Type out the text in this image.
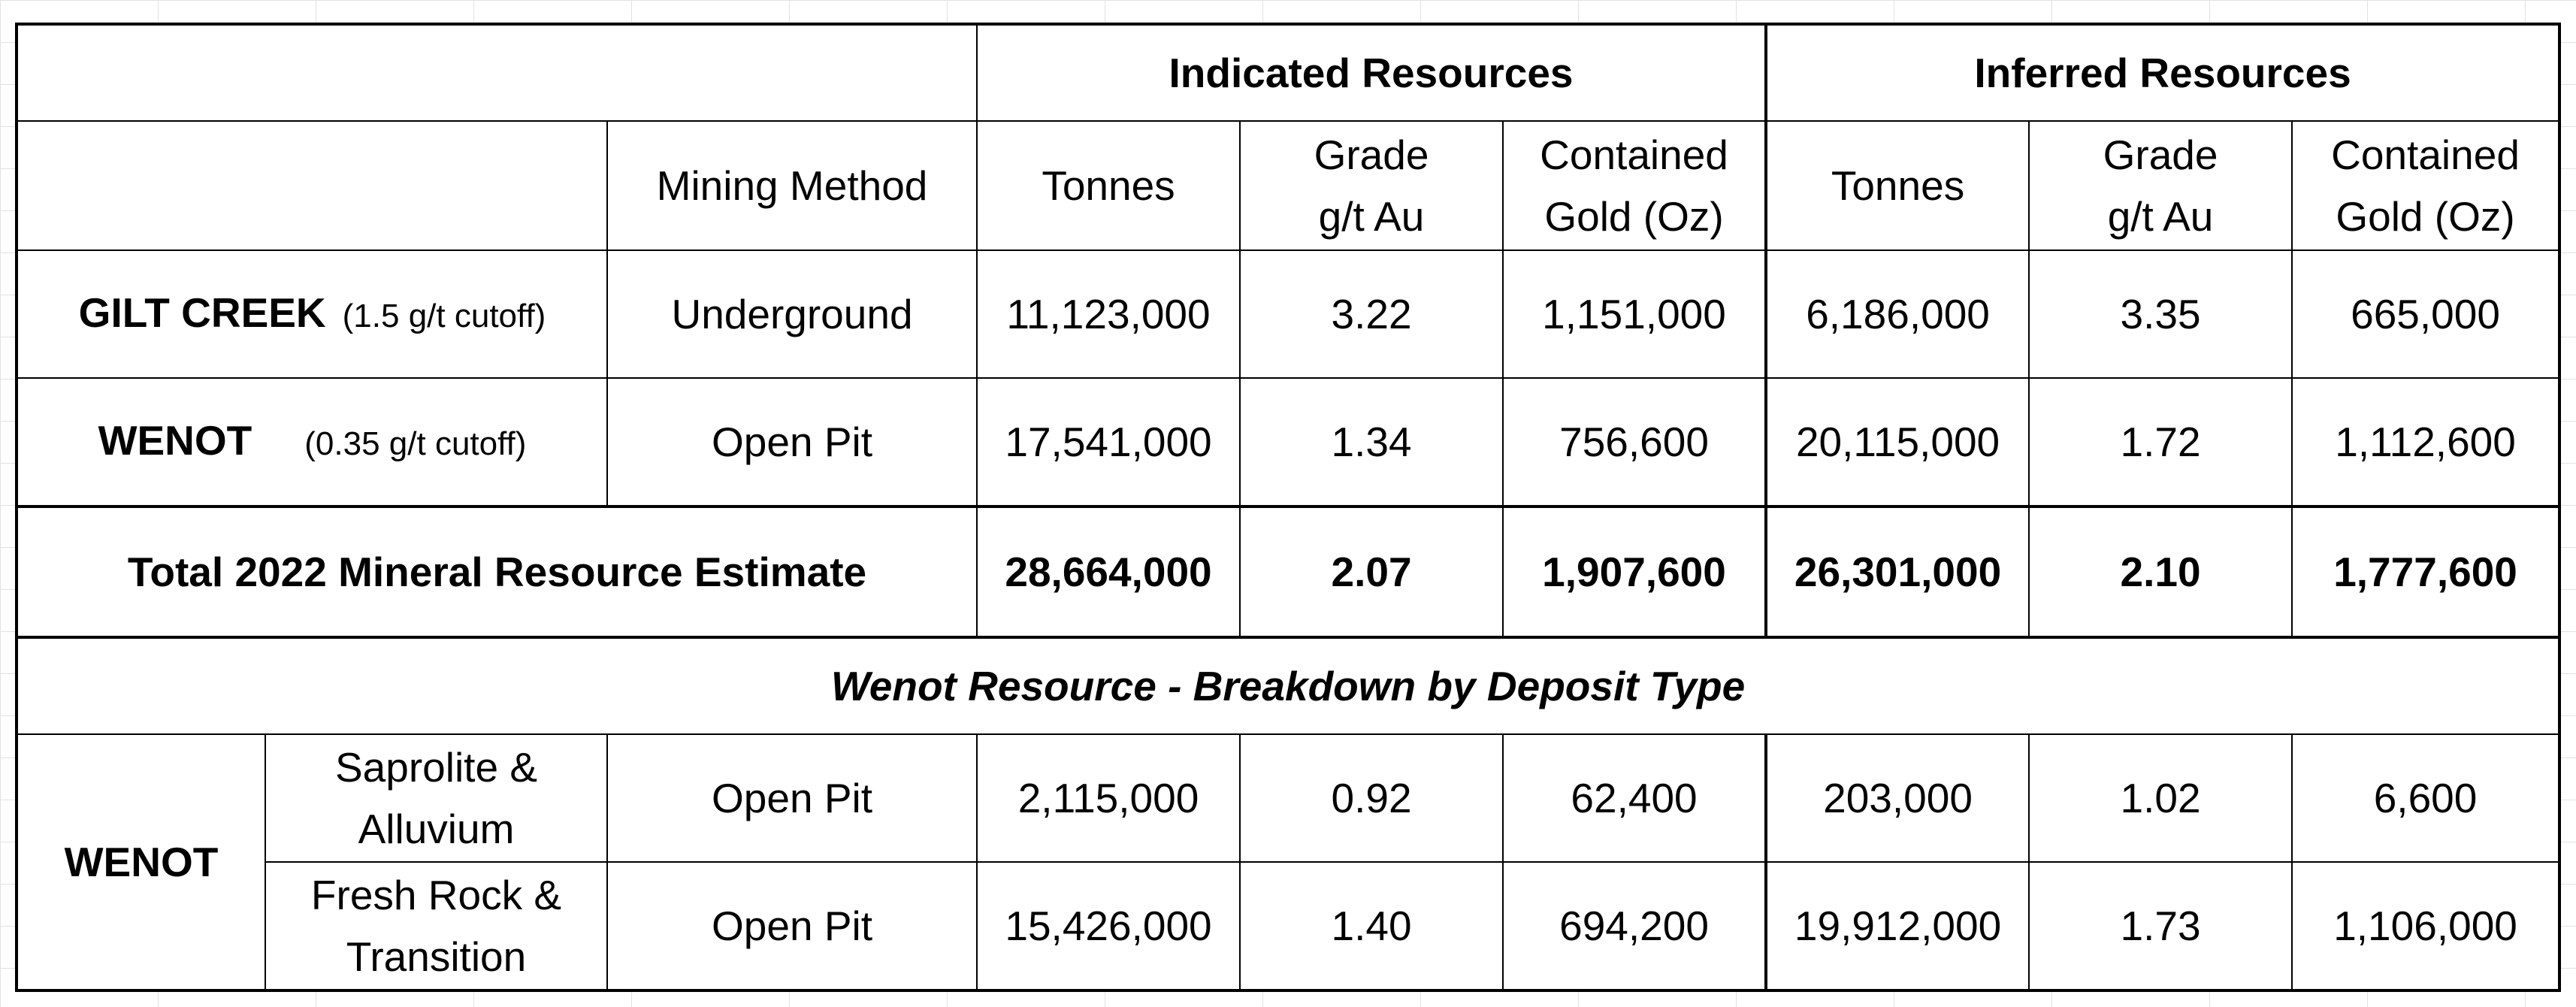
			Indicated Resources			Inferred Resources		
		Mining Method	Tonnes	Grade g/t Au	Contained Gold (Oz)	Tonnes	Grade g/t Au	Contained Gold (Oz)
GILT CREEK (1.5 g/t cutoff)		Underground	11,123,000	3.22	1,151,000	6,186,000	3.35	665,000
WENOT (0.35 g/t cutoff)		Open Pit	17,541,000	1.34	756,600	20,115,000	1.72	1,112,600
Total 2022 Mineral Resource Estimate			28,664,000	2.07	1,907,600	26,301,000	2.10	1,777,600
Wenot Resource - Breakdown by Deposit Type								
WENOT	Saprolite & Alluvium	Open Pit	2,115,000	0.92	62,400	203,000	1.02	6,600
	Fresh Rock & Transition	Open Pit	15,426,000	1.40	694,200	19,912,000	1.73	1,106,000
